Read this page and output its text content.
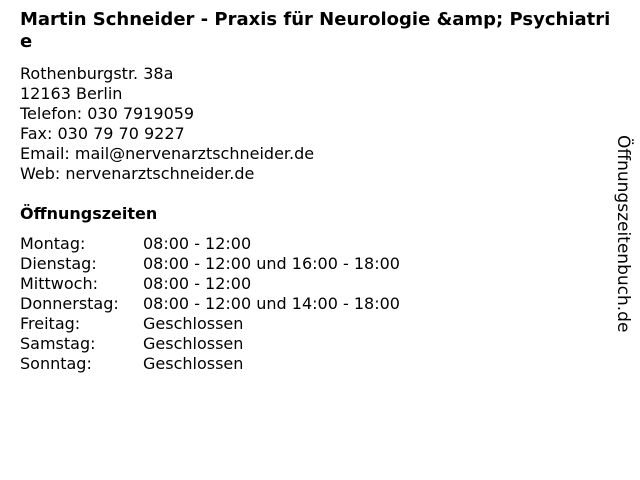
Martin Schneider - Praxis für Neurologie &amp; Psychiatrie
Rothenburgstr. 38a
12163 Berlin
Telefon: 030 7919059
Fax: 030 79 70 9227
Email: mail@nervenarztschneider.de
Web: nervenarztschneider.de
Öffnungszeiten
Montag:	08:00 - 12:00
Dienstag:	08:00 - 12:00 und 16:00 - 18:00
Mittwoch:	08:00 - 12:00
Donnerstag:	08:00 - 12:00 und 14:00 - 18:00
Freitag:	Geschlossen
Samstag:	Geschlossen
Sonntag:	Geschlossen
Öffnungszeitenbuch.de
